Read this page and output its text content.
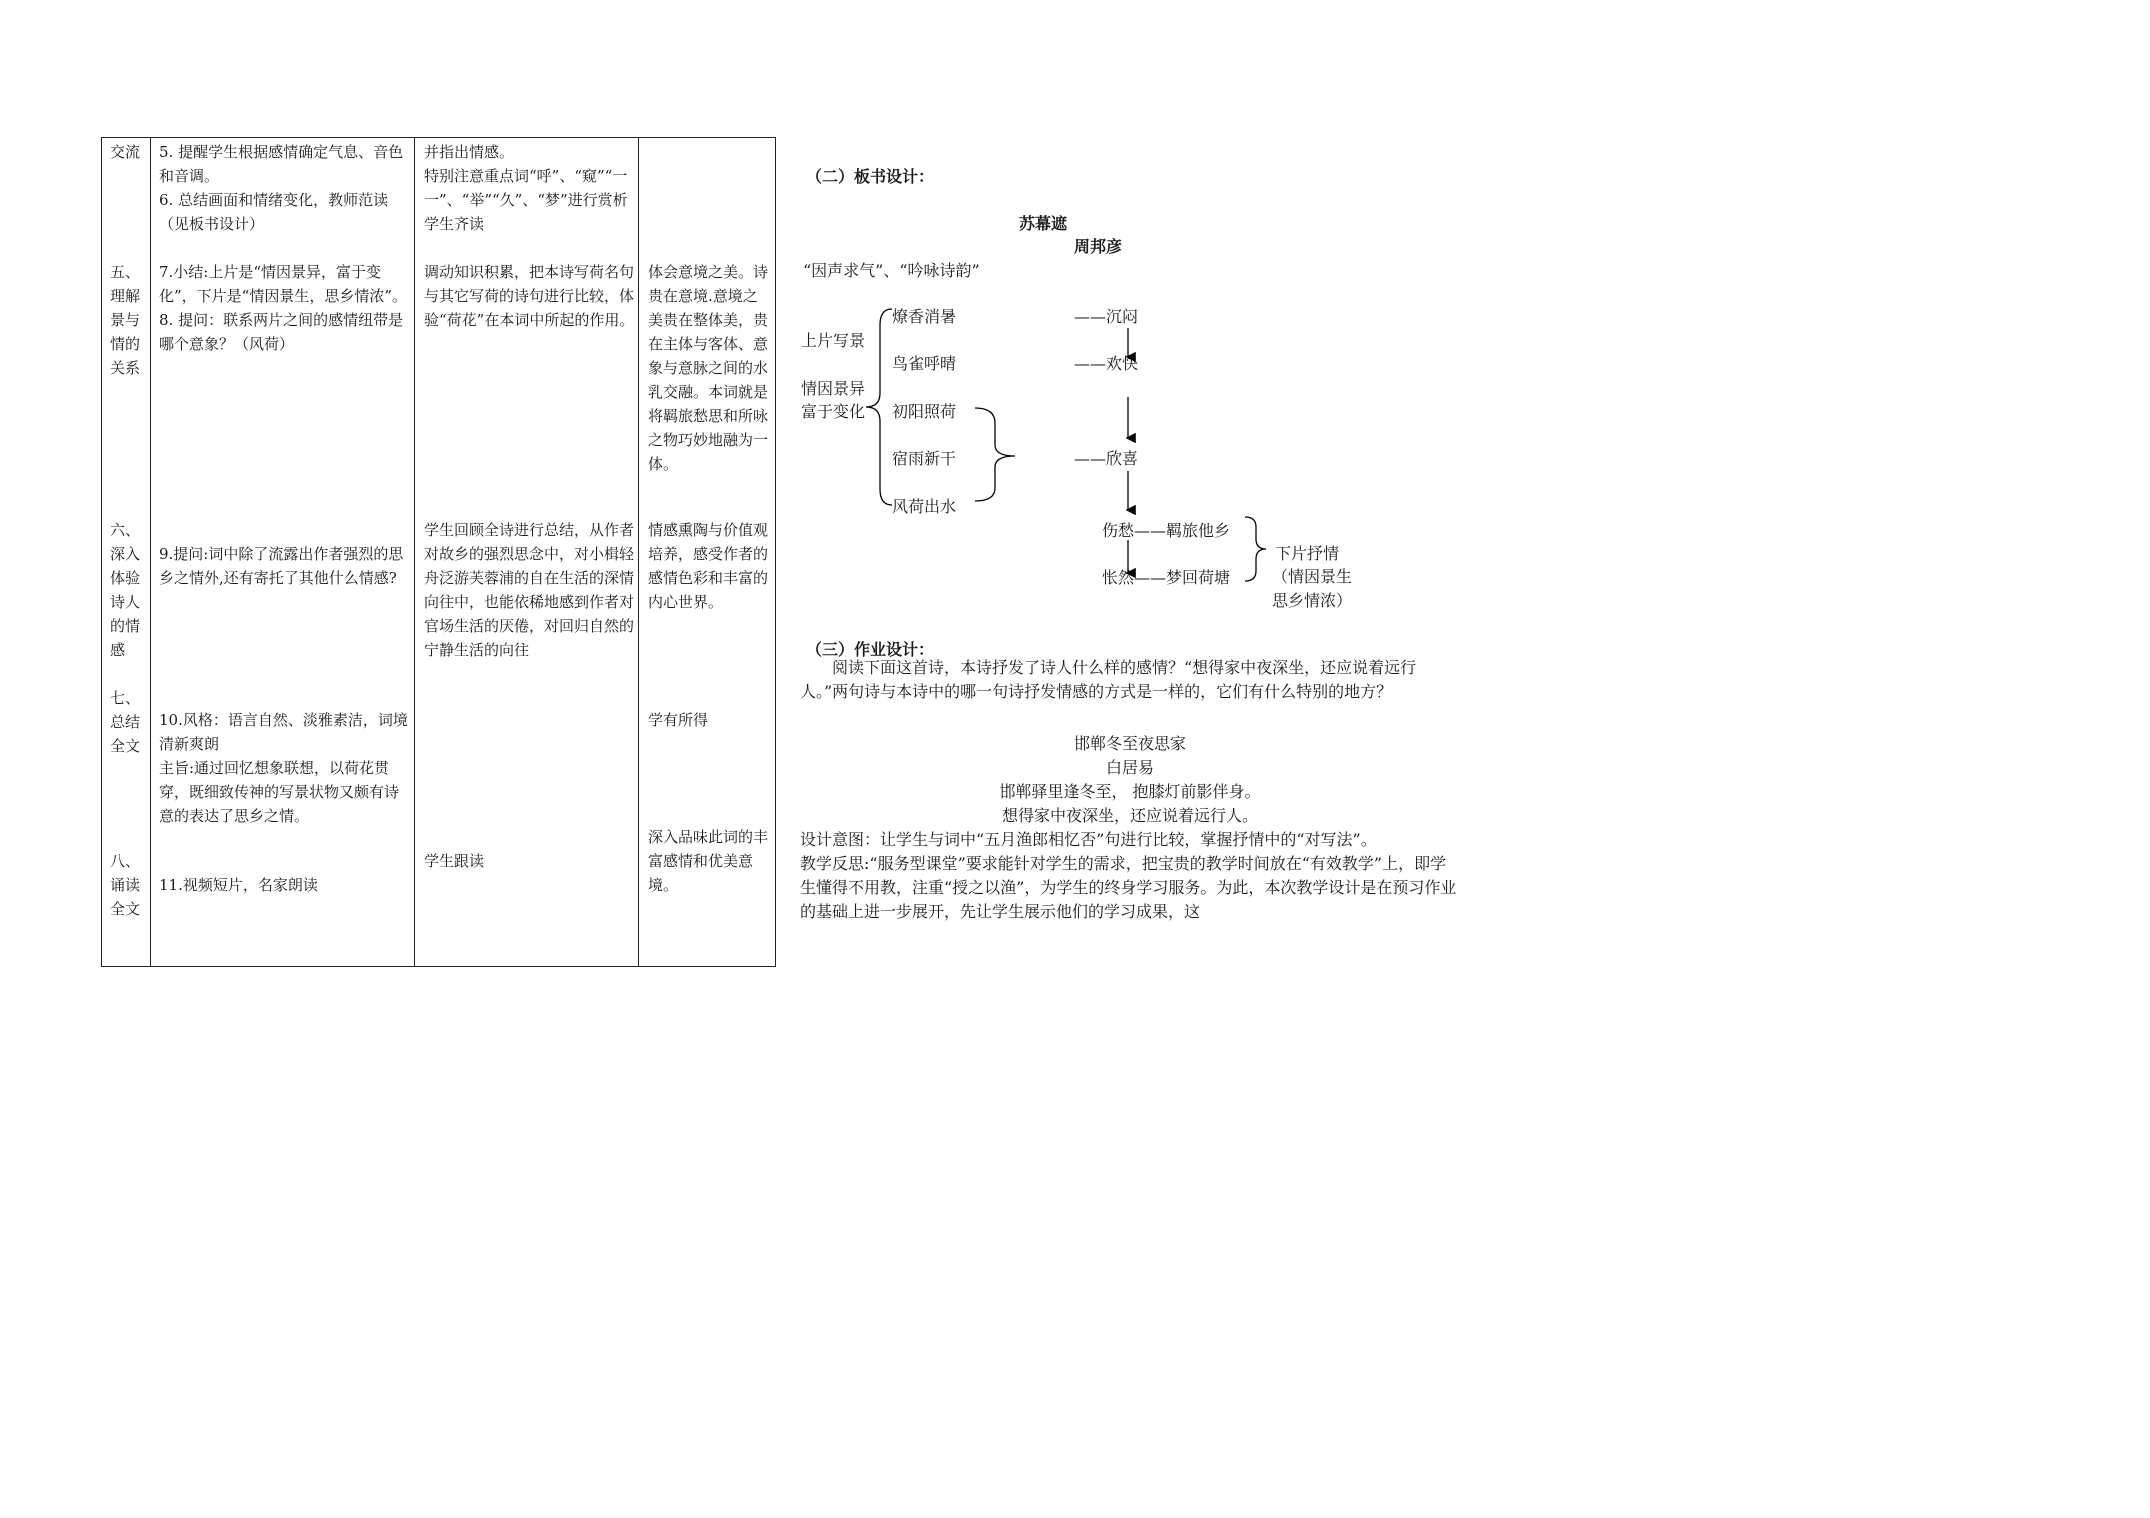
交流	5. 提醒学生根据感情确定气息、音色和音调。
6. 总结画面和情绪变化，教师范读（见板书设计）
并指出情感。
特别注意重点词“呼”、“窥”“一一”、“举”“久”、“梦”进行赏析
学生齐读
五、
理解
景与
情的
关系
7.小结:上片是“情因景异，富于变化”，下片是“情因景生，思乡情浓”。
8. 提问：联系两片之间的感情纽带是哪个意象？（风荷）
调动知识积累，把本诗写荷名句与其它写荷的诗句进行比较，体验“荷花”在本词中所起的作用。
体会意境之美。诗贵在意境.意境之美贵在整体美，贵在主体与客体、意象与意脉之间的水乳交融。本词就是将羁旅愁思和所咏之物巧妙地融为一体。
六、
深入
体验
诗人
的情
感
9.提问:词中除了流露出作者强烈的思乡之情外,还有寄托了其他什么情感?
学生回顾全诗进行总结，从作者对故乡的强烈思念中，对小楫轻舟泛游芙蓉浦的自在生活的深情向往中，也能依稀地感到作者对官场生活的厌倦，对回归自然的宁静生活的向往
情感熏陶与价值观培养，感受作者的感情色彩和丰富的内心世界。
七、
总结
全文
10.风格：语言自然、淡雅素洁，词境清新爽朗
主旨:通过回忆想象联想，以荷花贯穿，既细致传神的写景状物又颇有诗意的表达了思乡之情。
学有所得
八、
诵读
全文
11.视频短片，名家朗读
学生跟读
深入品味此词的丰富感情和优美意境。
（二）板书设计：
苏幕遮
周邦彦
“因声求气”、“吟咏诗韵”
上片写景
情因景异
富于变化
燎香消暑
鸟雀呼晴
初阳照荷
宿雨新干
风荷出水
——沉闷
——欢快
——欣喜
伤愁——羁旅他乡
怅然——梦回荷塘
下片抒情
（情因景生
思乡情浓）
（三）作业设计：

阅读下面这首诗，本诗抒发了诗人什么样的感情？“想得家中夜深坐，还应说着远行人。”两句诗与本诗中的哪一句诗抒发情感的方式是一样的，它们有什么特别的地方？

邯郸冬至夜思家
白居易
邯郸驿里逢冬至， 抱膝灯前影伴身。
想得家中夜深坐，还应说着远行人。

设计意图：让学生与词中“五月渔郎相忆否”句进行比较，掌握抒情中的“对写法”。

教学反思:“服务型课堂”要求能针对学生的需求，把宝贵的教学时间放在“有效教学”上，即学生懂得不用教，注重“授之以渔”，为学生的终身学习服务。为此，本次教学设计是在预习作业的基础上进一步展开，先让学生展示他们的学习成果，这
